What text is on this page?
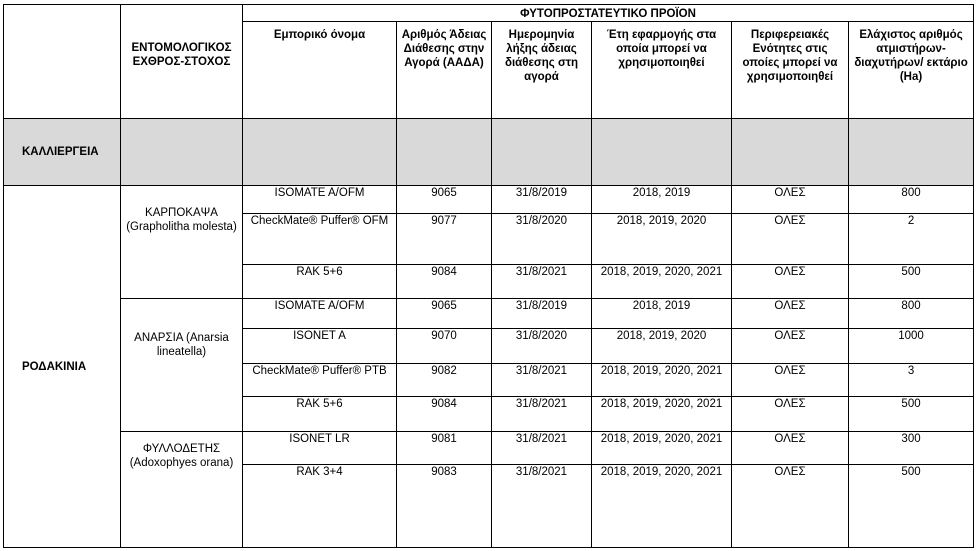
	ΕΝΤΟΜΟΛΟΓΙΚΟΣ ΕΧΘΡΟΣ-ΣΤΟΧΟΣ	ΦΥΤΟΠΡΟΣΤΑΤΕΥΤΙΚΟ ΠΡΟΪΟΝ					
		Εμπορικό όνομα	Αριθμός Άδειας Διάθεσης στην Αγορά (ΑΑΔΑ)	Ημερομηνία λήξης άδειας διάθεσης στη αγορά	Έτη εφαρμογής στα οποία μπορεί να χρησιμοποιηθεί	Περιφερειακές Ενότητες στις οποίες μπορεί να χρησιμοποιηθεί	Ελάχιστος αριθμός ατμιστήρων-διαχυτήρων/ εκτάριο (Ha)
ΚΑΛΛΙΕΡΓΕΙΑ							
ΡΟΔΑΚΙΝΙΑ	ΚΑΡΠΟΚΑΨΑ (Grapholitha molesta)	ISOMATE A/OFM	9065	31/8/2019	2018, 2019	ΟΛΕΣ	800
		CheckMate® Puffer® OFM	9077	31/8/2020	2018, 2019, 2020	ΟΛΕΣ	2
		RAK 5+6	9084	31/8/2021	2018, 2019, 2020, 2021	ΟΛΕΣ	500
	ΑΝΑΡΣΙΑ (Anarsia lineatella)	ISOMATE A/OFM	9065	31/8/2019	2018, 2019	ΟΛΕΣ	800
		ISONET A	9070	31/8/2020	2018, 2019, 2020	ΟΛΕΣ	1000
		CheckMate® Puffer® PTB	9082	31/8/2021	2018, 2019, 2020, 2021	ΟΛΕΣ	3
		RAK 5+6	9084	31/8/2021	2018, 2019, 2020, 2021	ΟΛΕΣ	500
	ΦΥΛΛΟΔΕΤΗΣ (Adoxophyes orana)	ISONET LR	9081	31/8/2021	2018, 2019, 2020, 2021	ΟΛΕΣ	300
		RAK 3+4	9083	31/8/2021	2018, 2019, 2020, 2021	ΟΛΕΣ	500
